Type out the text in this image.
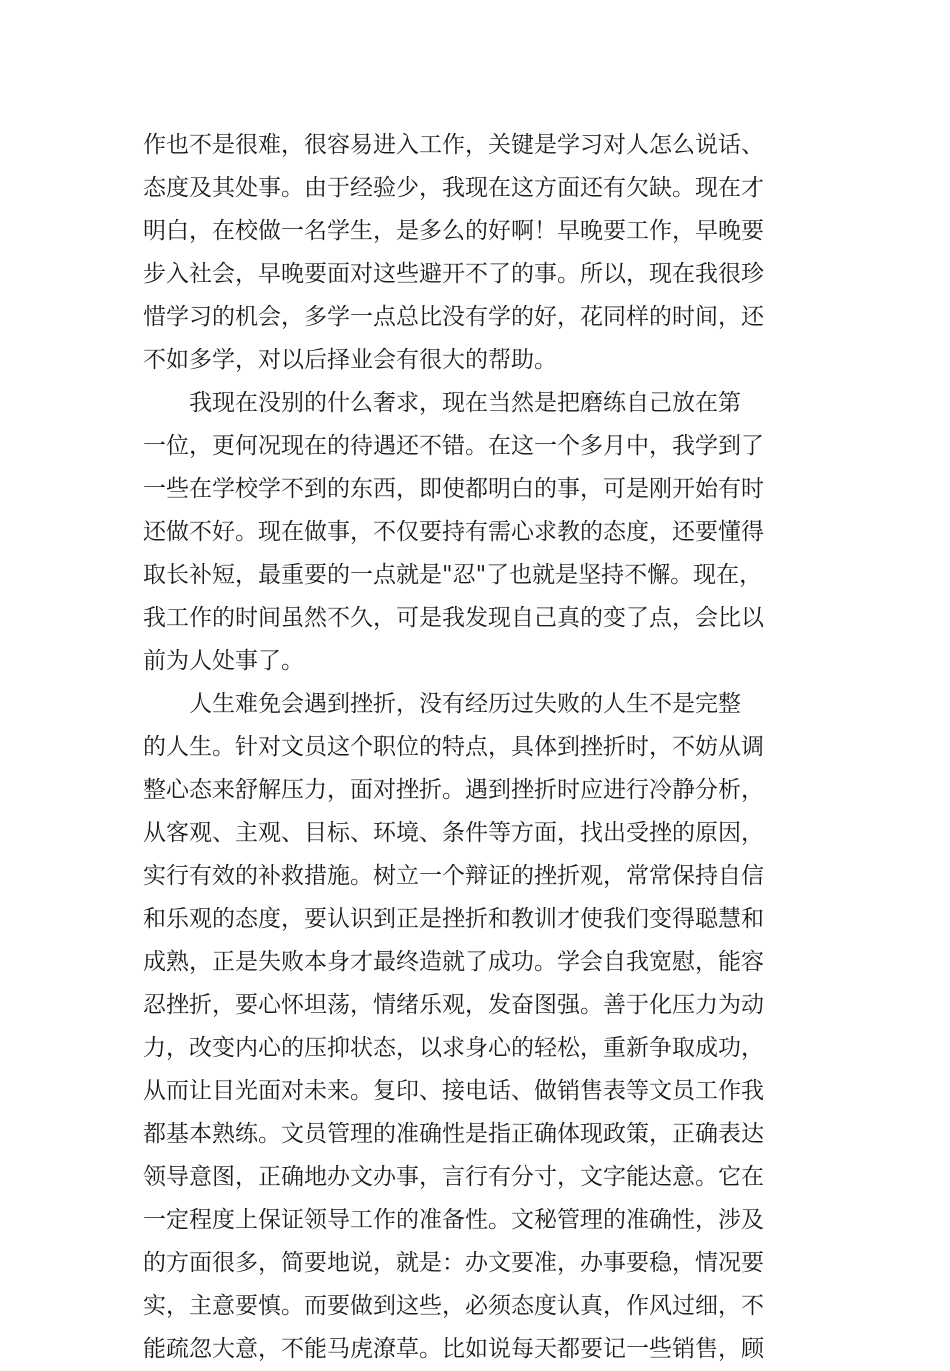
作也不是很难，很容易进入工作，关键是学习对人怎么说话、
态度及其处事。由于经验少，我现在这方面还有欠缺。现在才
明白，在校做一名学生，是多么的好啊！早晚要工作，早晚要
步入社会，早晚要面对这些避开不了的事。所以，现在我很珍
惜学习的机会，多学一点总比没有学的好，花同样的时间，还
不如多学，对以后择业会有很大的帮助。
我现在没别的什么奢求，现在当然是把磨练自己放在第
一位，更何况现在的待遇还不错。在这一个多月中，我学到了
一些在学校学不到的东西，即使都明白的事，可是刚开始有时
还做不好。现在做事，不仅要持有需心求教的态度，还要懂得
取长补短，最重要的一点就是"忍"了也就是坚持不懈。现在，
我工作的时间虽然不久，可是我发现自己真的变了点，会比以
前为人处事了。
人生难免会遇到挫折，没有经历过失败的人生不是完整
的人生。针对文员这个职位的特点，具体到挫折时，不妨从调
整心态来舒解压力，面对挫折。遇到挫折时应进行冷静分析，
从客观、主观、目标、环境、条件等方面，找出受挫的原因，
实行有效的补救措施。树立一个辩证的挫折观，常常保持自信
和乐观的态度，要认识到正是挫折和教训才使我们变得聪慧和
成熟，正是失败本身才最终造就了成功。学会自我宽慰，能容
忍挫折，要心怀坦荡，情绪乐观，发奋图强。善于化压力为动
力，改变内心的压抑状态，以求身心的轻松，重新争取成功，
从而让目光面对未来。复印、接电话、做销售表等文员工作我
都基本熟练。文员管理的准确性是指正确体现政策，正确表达
领导意图，正确地办文办事，言行有分寸，文字能达意。它在
一定程度上保证领导工作的准备性。文秘管理的准确性，涉及
的方面很多，简要地说，就是：办文要准，办事要稳，情况要
实，主意要慎。而要做到这些，必须态度认真，作风过细，不
能疏忽大意，不能马虎潦草。比如说每天都要记一些销售，顾
